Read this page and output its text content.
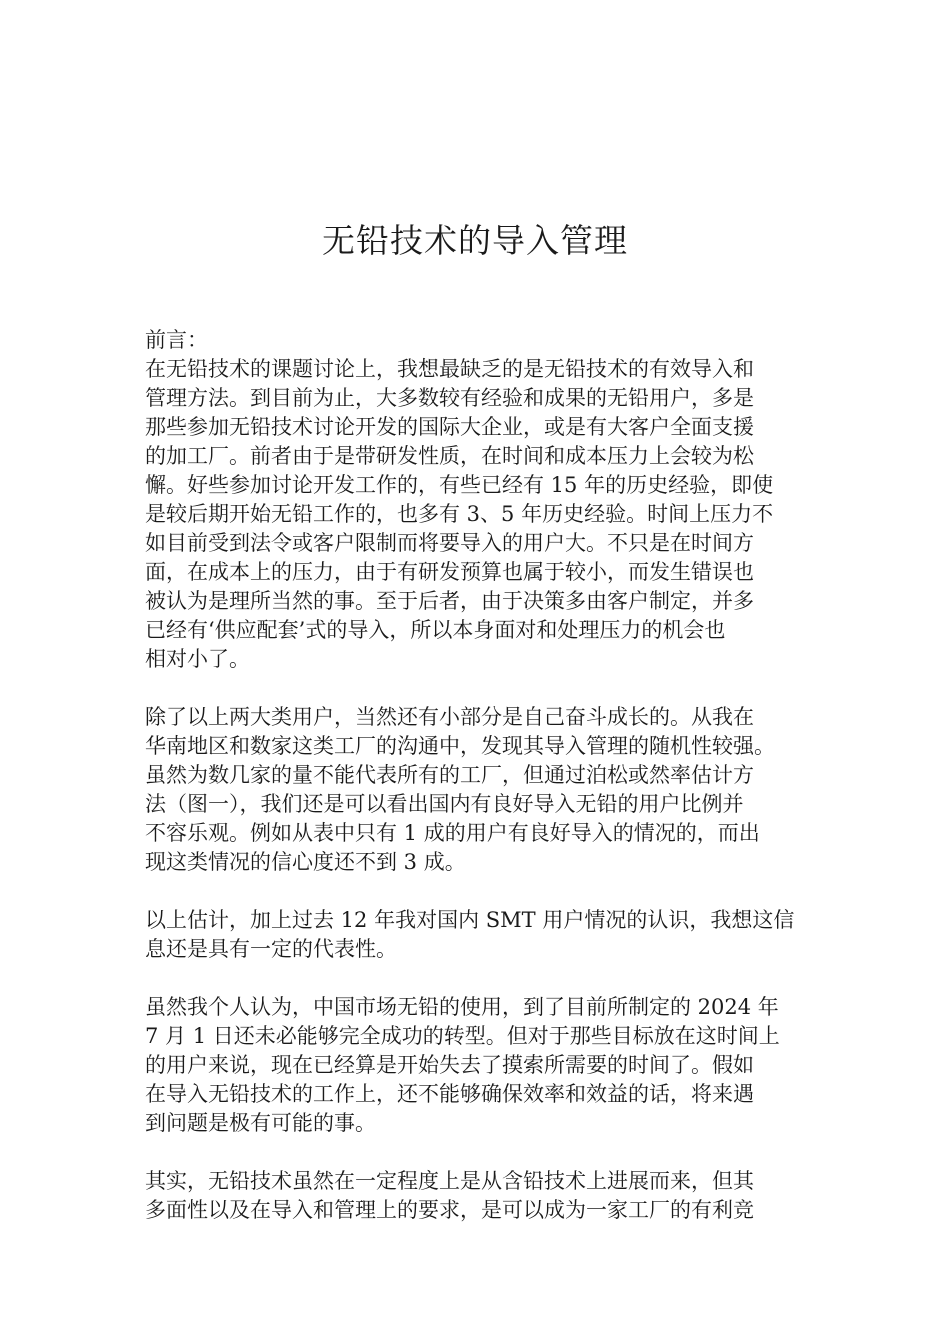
无铅技术的导入管理
前言：
在无铅技术的课题讨论上，我想最缺乏的是无铅技术的有效导入和
管理方法。到目前为止，大多数较有经验和成果的无铅用户，多是
那些参加无铅技术讨论开发的国际大企业，或是有大客户全面支援
的加工厂。前者由于是带研发性质，在时间和成本压力上会较为松
懈。好些参加讨论开发工作的，有些已经有 15 年的历史经验，即使
是较后期开始无铅工作的，也多有 3、5 年历史经验。时间上压力不
如目前受到法令或客户限制而将要导入的用户大。不只是在时间方
面，在成本上的压力，由于有研发预算也属于较小，而发生错误也
被认为是理所当然的事。至于后者，由于决策多由客户制定，并多
已经有‘供应配套’式的导入，所以本身面对和处理压力的机会也
相对小了。
除了以上两大类用户，当然还有小部分是自己奋斗成长的。从我在
华南地区和数家这类工厂的沟通中，发现其导入管理的随机性较强。
虽然为数几家的量不能代表所有的工厂，但通过泊松或然率估计方
法（图一），我们还是可以看出国内有良好导入无铅的用户比例并
不容乐观。例如从表中只有 1 成的用户有良好导入的情况的，而出
现这类情况的信心度还不到 3 成。
以上估计，加上过去 12 年我对国内 SMT 用户情况的认识，我想这信
息还是具有一定的代表性。
虽然我个人认为，中国市场无铅的使用，到了目前所制定的 2024 年
7 月 1 日还未必能够完全成功的转型。但对于那些目标放在这时间上
的用户来说，现在已经算是开始失去了摸索所需要的时间了。假如
在导入无铅技术的工作上，还不能够确保效率和效益的话，将来遇
到问题是极有可能的事。
其实，无铅技术虽然在一定程度上是从含铅技术上进展而来，但其
多面性以及在导入和管理上的要求，是可以成为一家工厂的有利竞
